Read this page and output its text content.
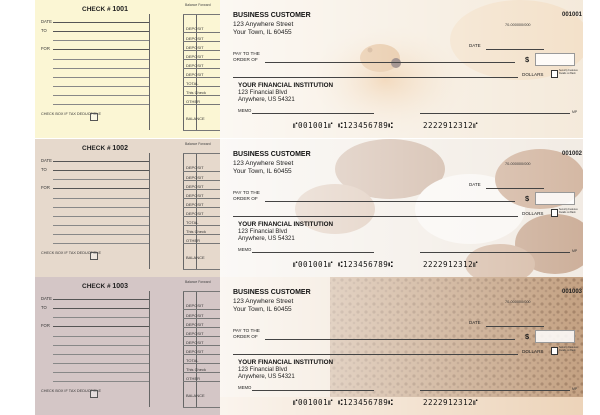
CHECK # 1001
Balance Forward
DATE
TO
FOR
DEPOSIT
DEPOSIT
DEPOSIT
DEPOSIT
DEPOSIT
DEPOSIT
TOTAL
This Check
OTHER
CHECK BOX IF TAX DEDUCTIBLE
BALANCE
BUSINESS CUSTOMER
123 Anywhere Street
Your Town, IL 60455
001001
70-000000/000
DATE
PAY TO THE
ORDER OF	$
DOLLARS
Security Features Details on Back
YOUR FINANCIAL INSTITUTION
123 Financial Blvd
Anywhere, US 54321
MEMO	MP
⑈001001⑈ ⑆123456789⑆	2222912312⑈
CHECK # 1002
Balance Forward
DATE
TO
FOR
DEPOSIT
DEPOSIT
DEPOSIT
DEPOSIT
DEPOSIT
DEPOSIT
TOTAL
This Check
OTHER
CHECK BOX IF TAX DEDUCTIBLE
BALANCE
BUSINESS CUSTOMER
123 Anywhere Street
Your Town, IL 60455
001002
70-000000/000
DATE
PAY TO THE
ORDER OF	$
DOLLARS
Security Features Details on Back
YOUR FINANCIAL INSTITUTION
123 Financial Blvd
Anywhere, US 54321
MEMO	MP
⑈001001⑈ ⑆123456789⑆	2222912312⑈
CHECK # 1003
Balance Forward
DATE
TO
FOR
DEPOSIT
DEPOSIT
DEPOSIT
DEPOSIT
DEPOSIT
DEPOSIT
TOTAL
This Check
OTHER
CHECK BOX IF TAX DEDUCTIBLE
BALANCE
BUSINESS CUSTOMER
123 Anywhere Street
Your Town, IL 60455
001003
70-000000/000
DATE
PAY TO THE
ORDER OF	$
DOLLARS
Security Features Details on Back
YOUR FINANCIAL INSTITUTION
123 Financial Blvd
Anywhere, US 54321
MEMO	MP
⑈001001⑈ ⑆123456789⑆	2222912312⑈
